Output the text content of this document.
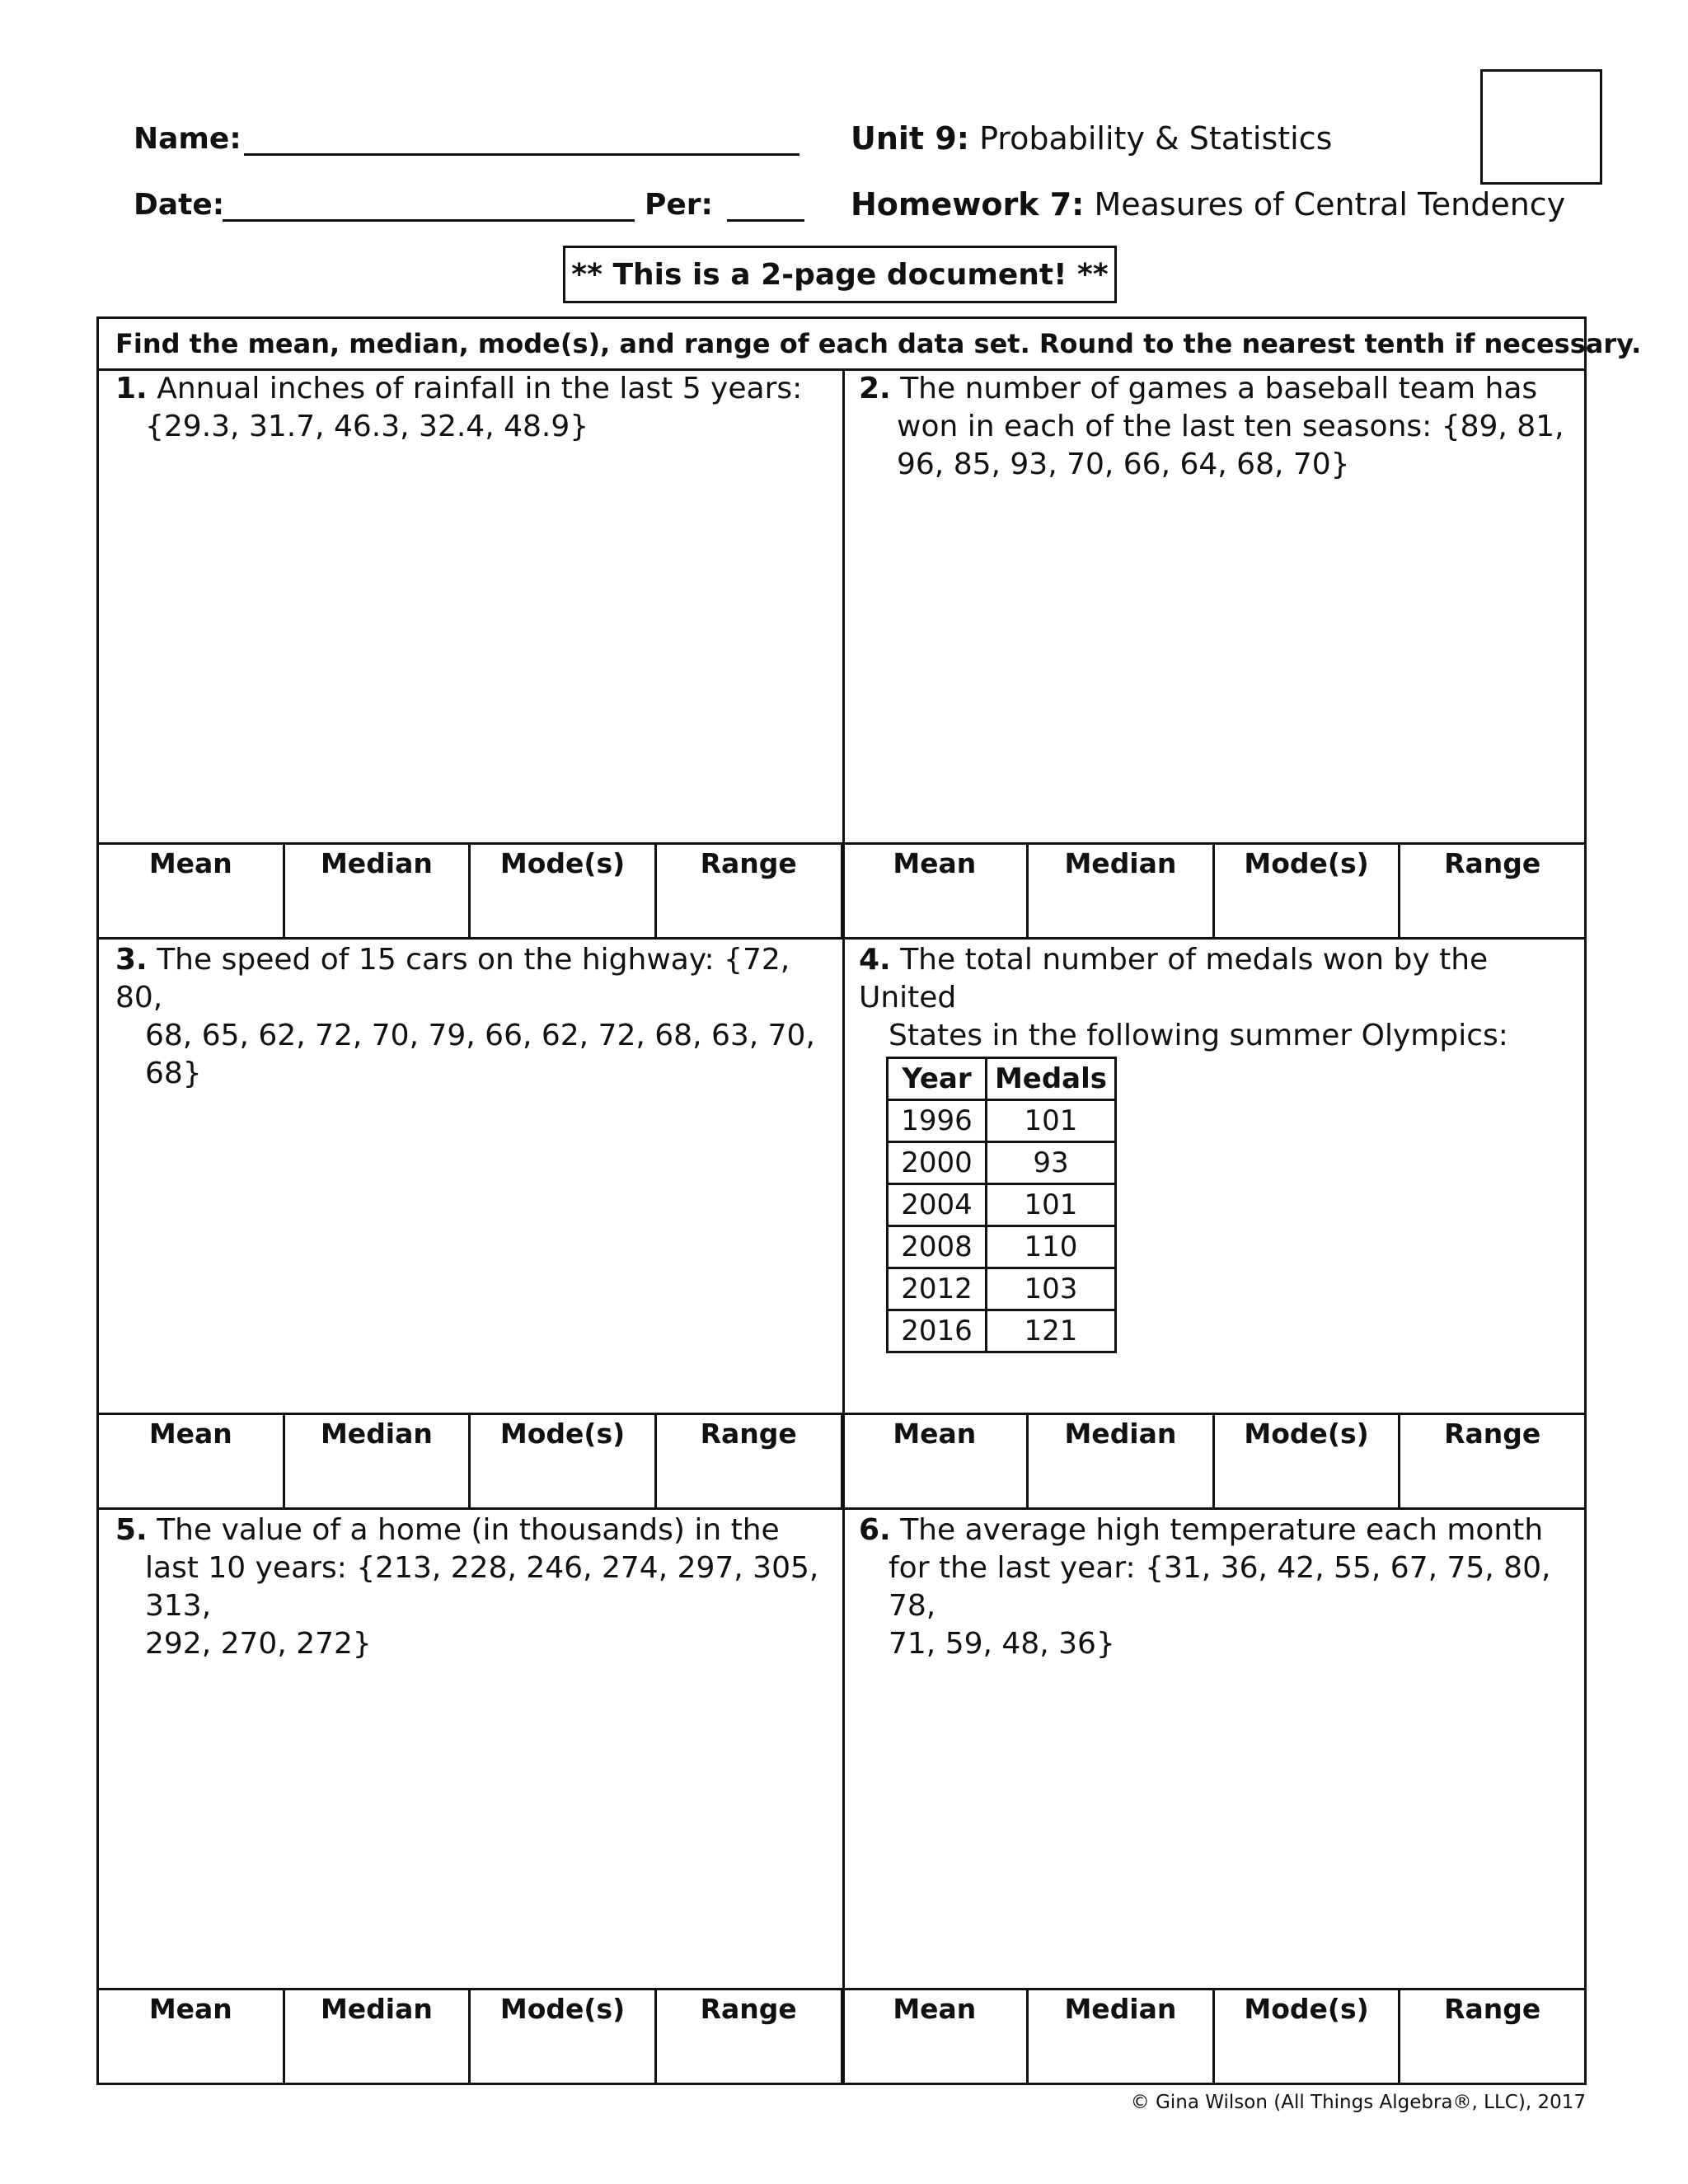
Name:
Date:	Per:
Unit 9: Probability & Statistics
Homework 7: Measures of Central Tendency
** This is a 2-page document! **
Find the mean, median, mode(s), and range of each data set. Round to the nearest tenth if necessary.
1. Annual inches of rainfall in the last 5 years:
{29.3, 31.7, 46.3, 32.4, 48.9}
2. The number of games a baseball team has
won in each of the last ten seasons: {89, 81,
96, 85, 93, 70, 66, 64, 68, 70}
Mean	Median	Mode(s)	Range	Mean	Median	Mode(s)	Range
3. The speed of 15 cars on the highway: {72, 80,
68, 65, 62, 72, 70, 79, 66, 62, 72, 68, 63, 70, 68}
4. The total number of medals won by the United
States in the following summer Olympics:
Year	Medals
1996	101
2000	93
2004	101
2008	110
2012	103
2016	121
Mean	Median	Mode(s)	Range	Mean	Median	Mode(s)	Range
5. The value of a home (in thousands) in the
last 10 years: {213, 228, 246, 274, 297, 305, 313,
292, 270, 272}
6. The average high temperature each month
for the last year: {31, 36, 42, 55, 67, 75, 80, 78,
71, 59, 48, 36}
Mean	Median	Mode(s)	Range	Mean	Median	Mode(s)	Range
© Gina Wilson (All Things Algebra®, LLC), 2017
